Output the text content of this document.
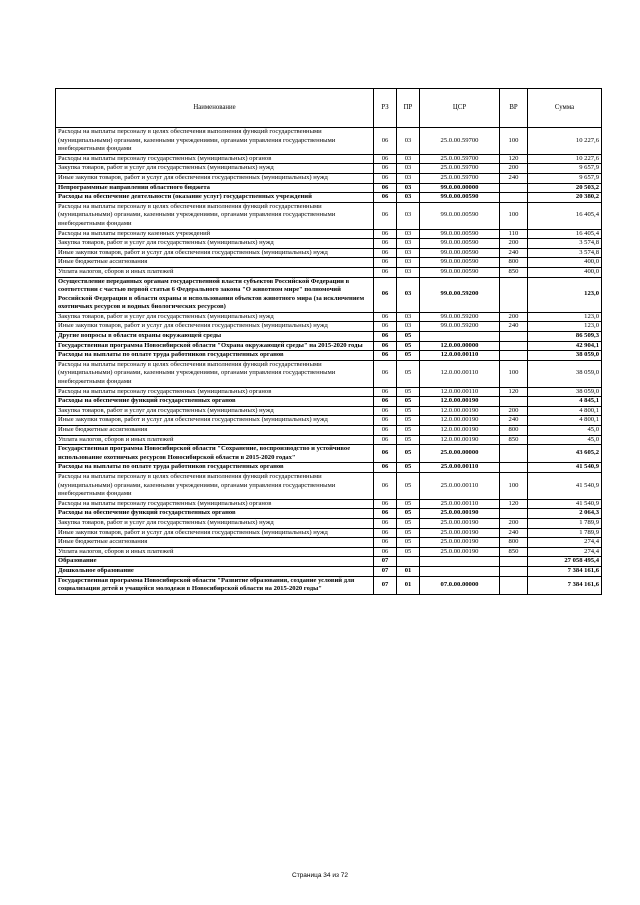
Наименование	РЗ	ПР	ЦСР	ВР	Сумма
Расходы на выплаты персоналу в целях обеспечения выполнения функций государственными (муниципальными) органами, казенными учреждениями, органами управления государственными внебюджетными фондами	06	03	25.0.00.59700	100	10 227,6
Расходы на выплаты персоналу государственных (муниципальных) органов	06	03	25.0.00.59700	120	10 227,6
Закупка товаров, работ и услуг для государственных (муниципальных) нужд	06	03	25.0.00.59700	200	9 657,9
Иные закупки товаров, работ и услуг для обеспечения государственных (муниципальных) нужд	06	03	25.0.00.59700	240	9 657,9
Непрограммные направления областного бюджета	06	03	99.0.00.00000		20 503,2
Расходы на обеспечение деятельности (оказание услуг) государственных учреждений	06	03	99.0.00.00590		20 380,2
Расходы на выплаты персоналу в целях обеспечения выполнения функций государственными (муниципальными) органами, казенными учреждениями, органами управления государственными внебюджетными фондами	06	03	99.0.00.00590	100	16 405,4
Расходы на выплаты персоналу казенных учреждений	06	03	99.0.00.00590	110	16 405,4
Закупка товаров, работ и услуг для государственных (муниципальных) нужд	06	03	99.0.00.00590	200	3 574,8
Иные закупки товаров, работ и услуг для обеспечения государственных (муниципальных) нужд	06	03	99.0.00.00590	240	3 574,8
Иные бюджетные ассигнования	06	03	99.0.00.00590	800	400,0
Уплата налогов, сборов и иных платежей	06	03	99.0.00.00590	850	400,0
Осуществление переданных органам государственной власти субъектов Российской Федерации в соответствии с частью первой статьи 6 Федерального закона "О животном мире" полномочий Российской Федерации в области охраны и использования объектов животного мира (за исключением охотничьих ресурсов и водных биологических ресурсов)	06	03	99.0.00.59200		123,0
Закупка товаров, работ и услуг для государственных (муниципальных) нужд	06	03	99.0.00.59200	200	123,0
Иные закупки товаров, работ и услуг для обеспечения государственных (муниципальных) нужд	06	03	99.0.00.59200	240	123,0
Другие вопросы в области охраны окружающей среды	06	05			86 509,3
Государственная программа Новосибирской области "Охрана окружающей среды" на 2015-2020 годы	06	05	12.0.00.00000		42 904,1
Расходы на выплаты по оплате труда работников государственных органов	06	05	12.0.00.00110		38 059,0
Расходы на выплаты персоналу в целях обеспечения выполнения функций государственными (муниципальными) органами, казенными учреждениями, органами управления государственными внебюджетными фондами	06	05	12.0.00.00110	100	38 059,0
Расходы на выплаты персоналу государственных (муниципальных) органов	06	05	12.0.00.00110	120	38 059,0
Расходы на обеспечение функций государственных органов	06	05	12.0.00.00190		4 845,1
Закупка товаров, работ и услуг для государственных (муниципальных) нужд	06	05	12.0.00.00190	200	4 800,1
Иные закупки товаров, работ и услуг для обеспечения государственных (муниципальных) нужд	06	05	12.0.00.00190	240	4 800,1
Иные бюджетные ассигнования	06	05	12.0.00.00190	800	45,0
Уплата налогов, сборов и иных платежей	06	05	12.0.00.00190	850	45,0
Государственная программа Новосибирской области "Сохранение, воспроизводство и устойчивое использование охотничьих ресурсов Новосибирской области в 2015-2020 годах"	06	05	25.0.00.00000		43 605,2
Расходы на выплаты по оплате труда работников государственных органов	06	05	25.0.00.00110		41 540,9
Расходы на выплаты персоналу в целях обеспечения выполнения функций государственными (муниципальными) органами, казенными учреждениями, органами управления государственными внебюджетными фондами	06	05	25.0.00.00110	100	41 540,9
Расходы на выплаты персоналу государственных (муниципальных) органов	06	05	25.0.00.00110	120	41 540,9
Расходы на обеспечение функций государственных органов	06	05	25.0.00.00190		2 064,3
Закупка товаров, работ и услуг для государственных (муниципальных) нужд	06	05	25.0.00.00190	200	1 789,9
Иные закупки товаров, работ и услуг для обеспечения государственных (муниципальных) нужд	06	05	25.0.00.00190	240	1 789,9
Иные бюджетные ассигнования	06	05	25.0.00.00190	800	274,4
Уплата налогов, сборов и иных платежей	06	05	25.0.00.00190	850	274,4
Образование	07				27 058 495,4
Дошкольное образование	07	01			7 384 161,6
Государственная программа Новосибирской области "Развитие образования, создание условий для социализации детей и учащейся молодежи в Новосибирской области на 2015-2020 годы"	07	01	07.0.00.00000		7 384 161,6
Страница 34 из 72
